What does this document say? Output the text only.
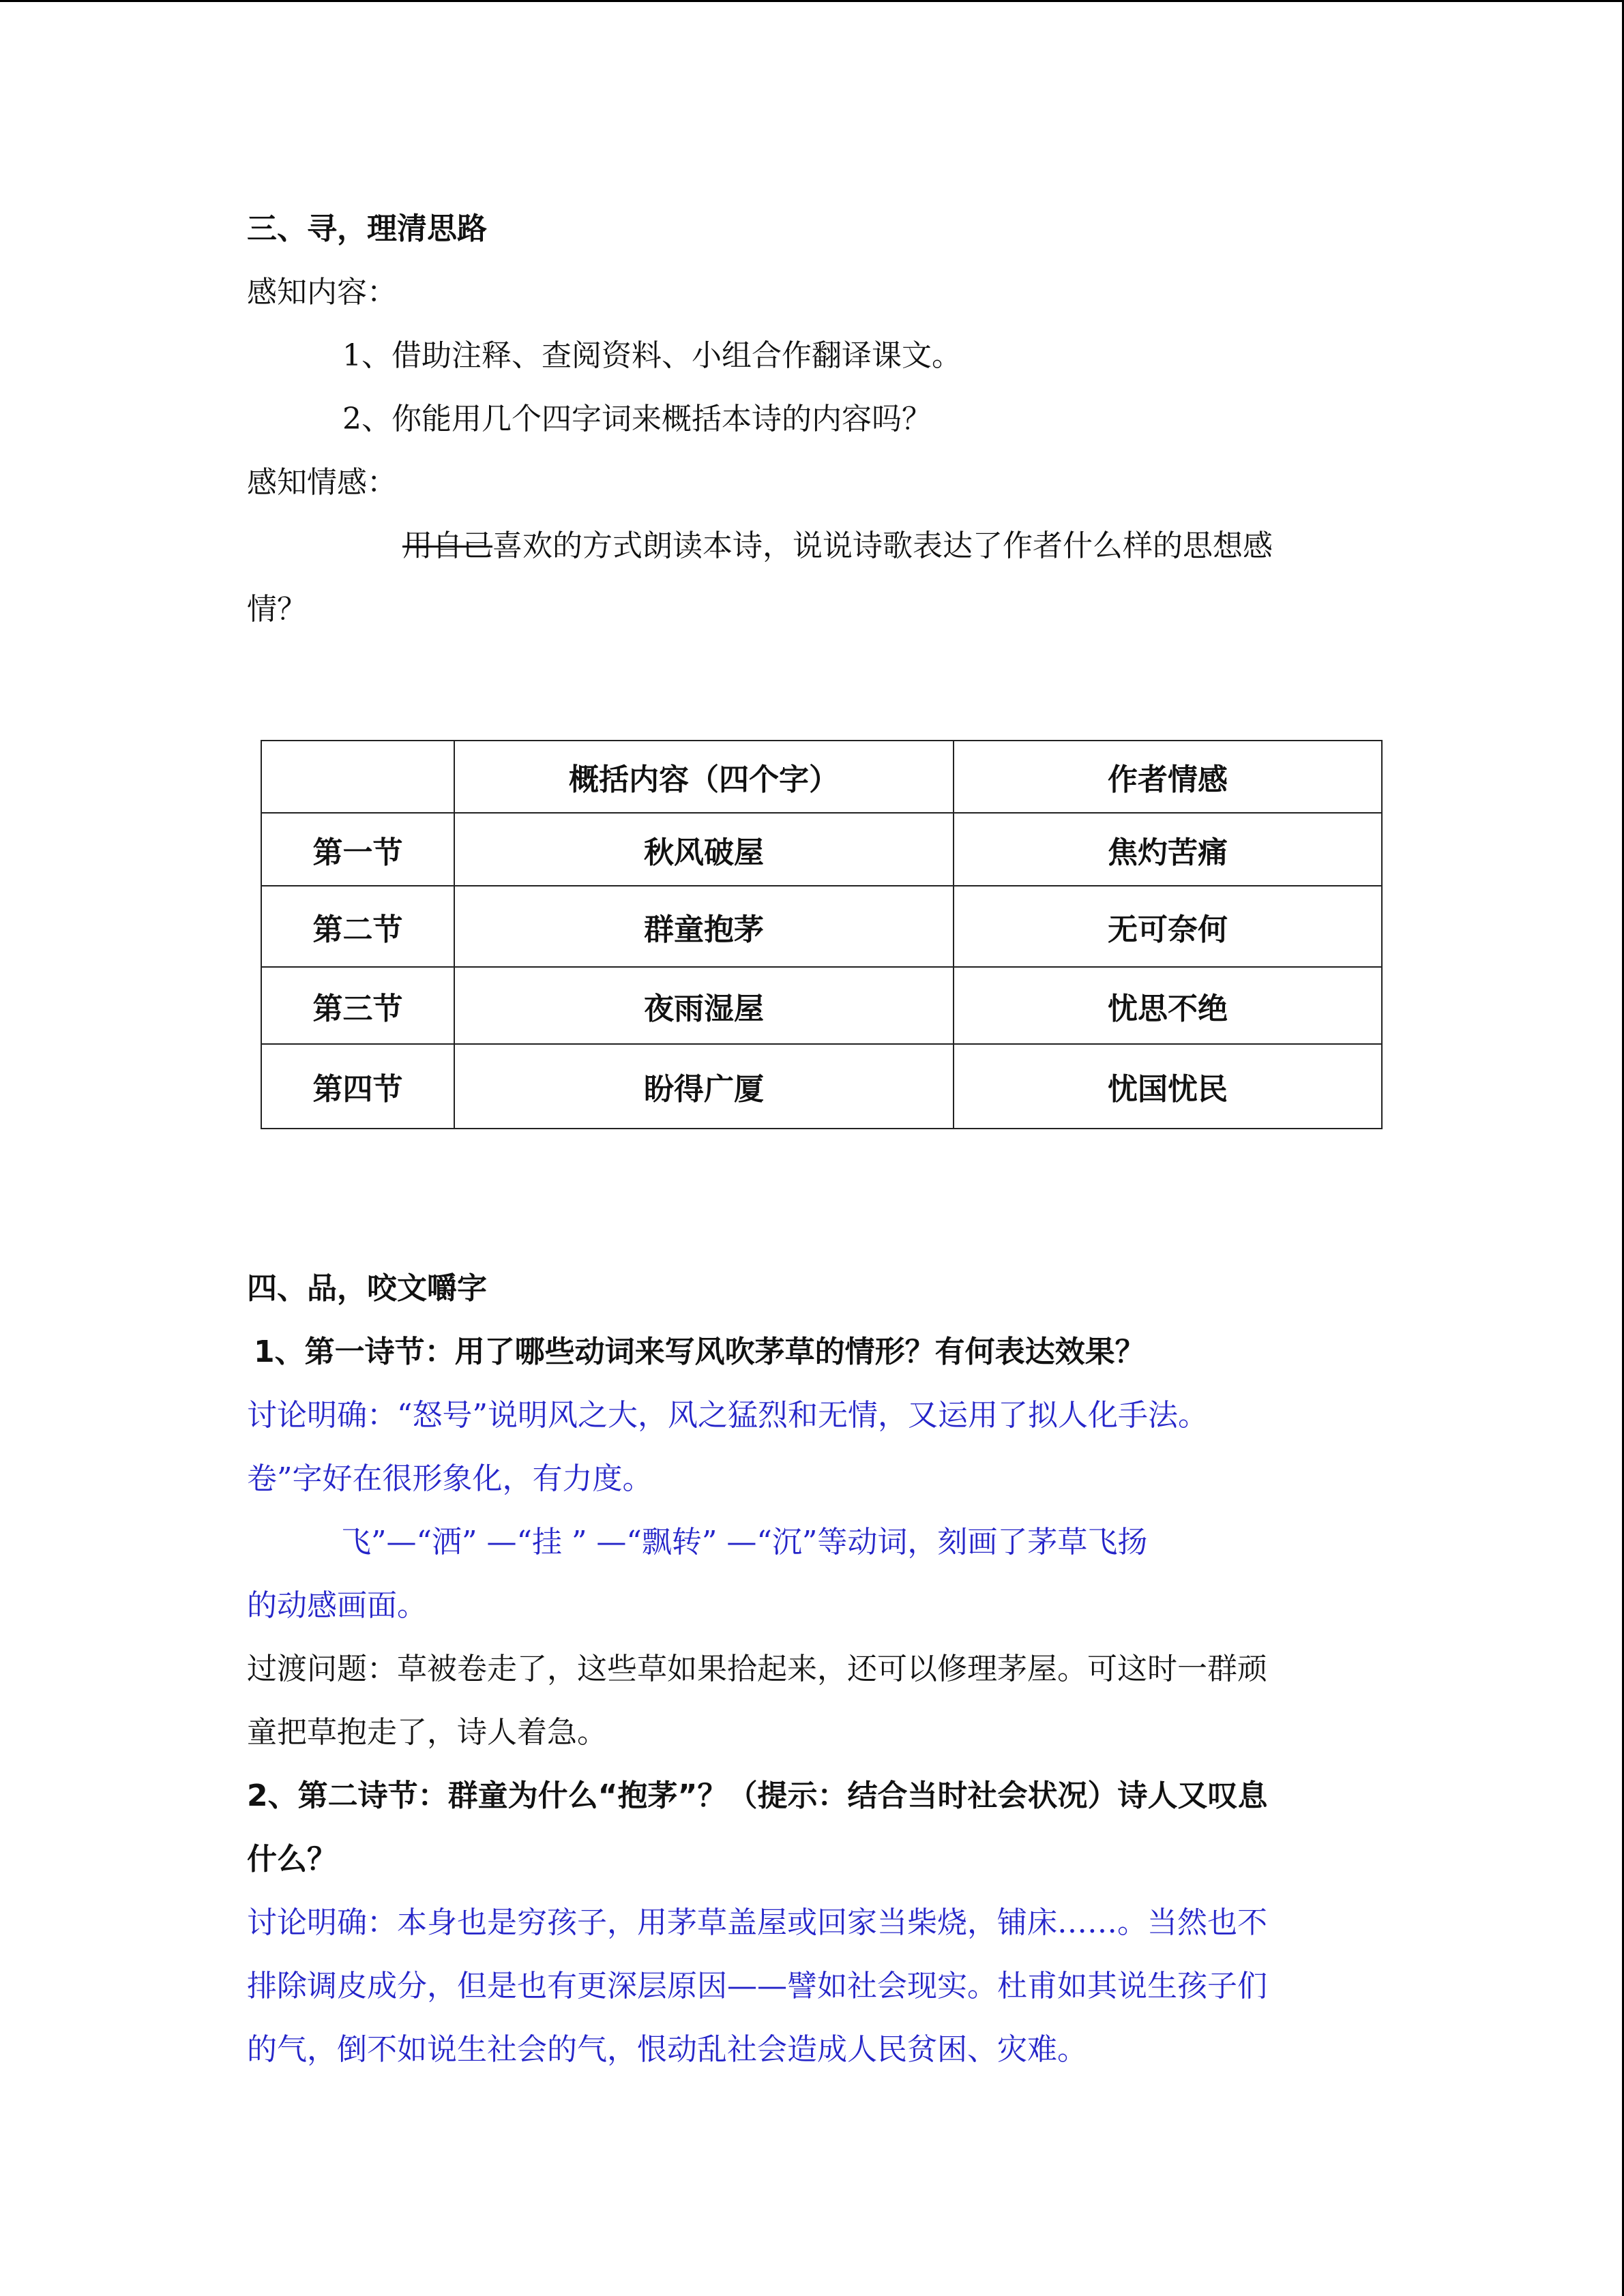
三、寻，理清思路
感知内容：
1、借助注释、查阅资料、小组合作翻译课文。
2、你能用几个四字词来概括本诗的内容吗？
感知情感：
用自己喜欢的方式朗读本诗，说说诗歌表达了作者什么样的思想感
情？
	概括内容（四个字）	作者情感
第一节	秋风破屋	焦灼苦痛
第二节	群童抱茅	无可奈何
第三节	夜雨湿屋	忧思不绝
第四节	盼得广厦	忧国忧民
四、品，咬文嚼字
1、第一诗节：用了哪些动词来写风吹茅草的情形？有何表达效果？
讨论明确：“怒号”说明风之大，风之猛烈和无情，又运用了拟人化手法。
卷”字好在很形象化，有力度。
飞”—“洒” —“挂 ” —“飘转” —“沉”等动词，刻画了茅草飞扬
的动感画面。
过渡问题：草被卷走了，这些草如果拾起来，还可以修理茅屋。可这时一群顽
童把草抱走了，诗人着急。
2、第二诗节：群童为什么“抱茅”？（提示：结合当时社会状况）诗人又叹息
什么？
讨论明确：本身也是穷孩子，用茅草盖屋或回家当柴烧，铺床……。当然也不
排除调皮成分，但是也有更深层原因——譬如社会现实。杜甫如其说生孩子们
的气，倒不如说生社会的气，恨动乱社会造成人民贫困、灾难。
